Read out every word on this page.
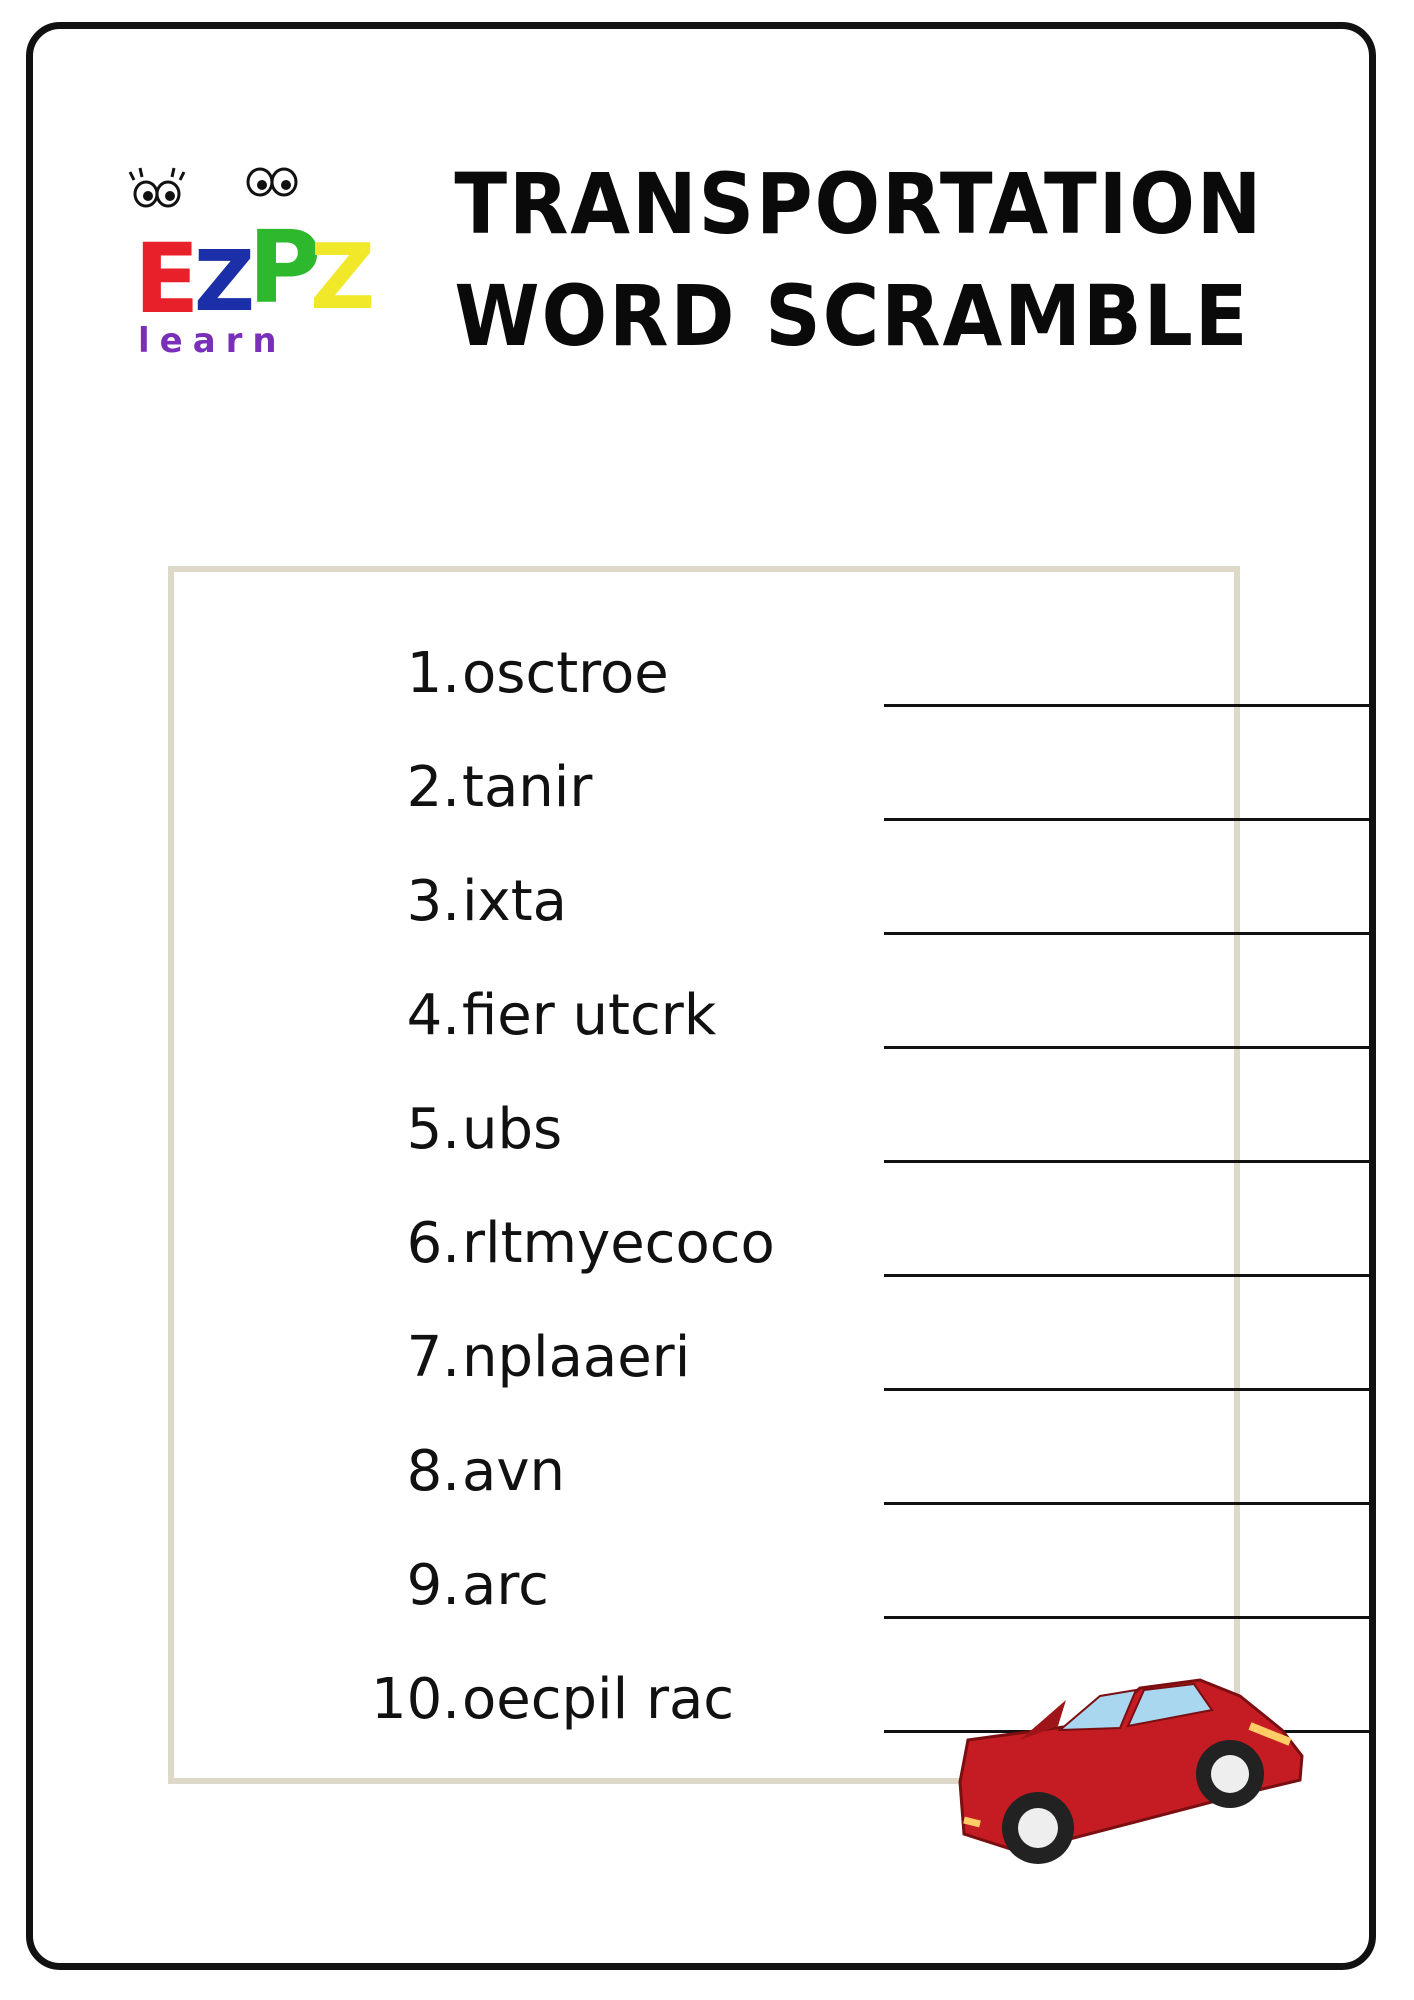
E
Z
P
Z
learn
TRANSPORTATION
WORD SCRAMBLE
1. osctroe
2. tanir
3. ixta
4. fier utcrk
5. ubs
6. rltmyecoco
7. nplaaeri
8. avn
9. arc
10. oecpil rac
